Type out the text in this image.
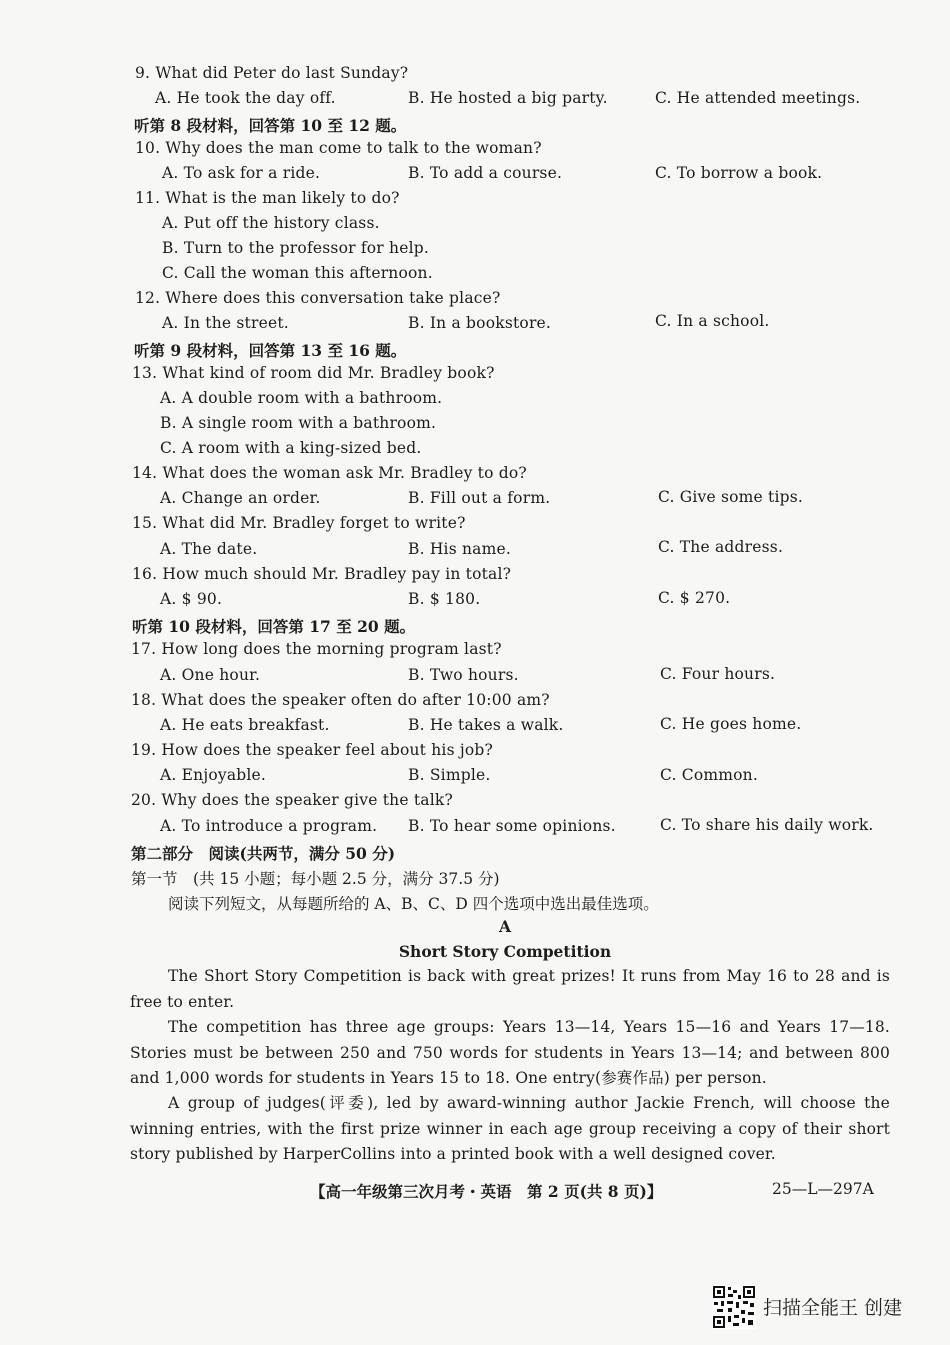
9. What did Peter do last Sunday?
A. He took the day off.	B. He hosted a big party.	C. He attended meetings.
听第 8 段材料，回答第 10 至 12 题。
10. Why does the man come to talk to the woman?
A. To ask for a ride.	B. To add a course.	C. To borrow a book.
11. What is the man likely to do?
A. Put off the history class.
B. Turn to the professor for help.
C. Call the woman this afternoon.
12. Where does this conversation take place?
A. In the street.	B. In a bookstore.	C. In a school.
听第 9 段材料，回答第 13 至 16 题。
13. What kind of room did Mr. Bradley book?
A. A double room with a bathroom.
B. A single room with a bathroom.
C. A room with a king-sized bed.
14. What does the woman ask Mr. Bradley to do?
A. Change an order.	B. Fill out a form.	C. Give some tips.
15. What did Mr. Bradley forget to write?
A. The date.	B. His name.	C. The address.
16. How much should Mr. Bradley pay in total?
A. $ 90.	B. $ 180.	C. $ 270.
听第 10 段材料，回答第 17 至 20 题。
17. How long does the morning program last?
A. One hour.	B. Two hours.	C. Four hours.
18. What does the speaker often do after 10:00 am?
A. He eats breakfast.	B. He takes a walk.	C. He goes home.
19. How does the speaker feel about his job?
A. Enjoyable.	B. Simple.	C. Common.
20. Why does the speaker give the talk?
A. To introduce a program. B. To hear some opinions.	C. To share his daily work.
第二部分　阅读(共两节，满分 50 分)
第一节　(共 15 小题；每小题 2.5 分，满分 37.5 分)
阅读下列短文，从每题所给的 A、B、C、D 四个选项中选出最佳选项。
A
Short Story Competition
The Short Story Competition is back with great prizes! It runs from May 16 to 28 and is free to enter.
The competition has three age groups: Years 13—14, Years 15—16 and Years 17—18. Stories must be between 250 and 750 words for students in Years 13—14; and between 800 and 1,000 words for students in Years 15 to 18. One entry(参赛作品) per person.
A group of judges(评委), led by award-winning author Jackie French, will choose the winning entries, with the first prize winner in each age group receiving a copy of their short story published by HarperCollins into a printed book with a well designed cover.
【高一年级第三次月考・英语　第 2 页(共 8 页)】	25—L—297A
扫描全能王 创建
